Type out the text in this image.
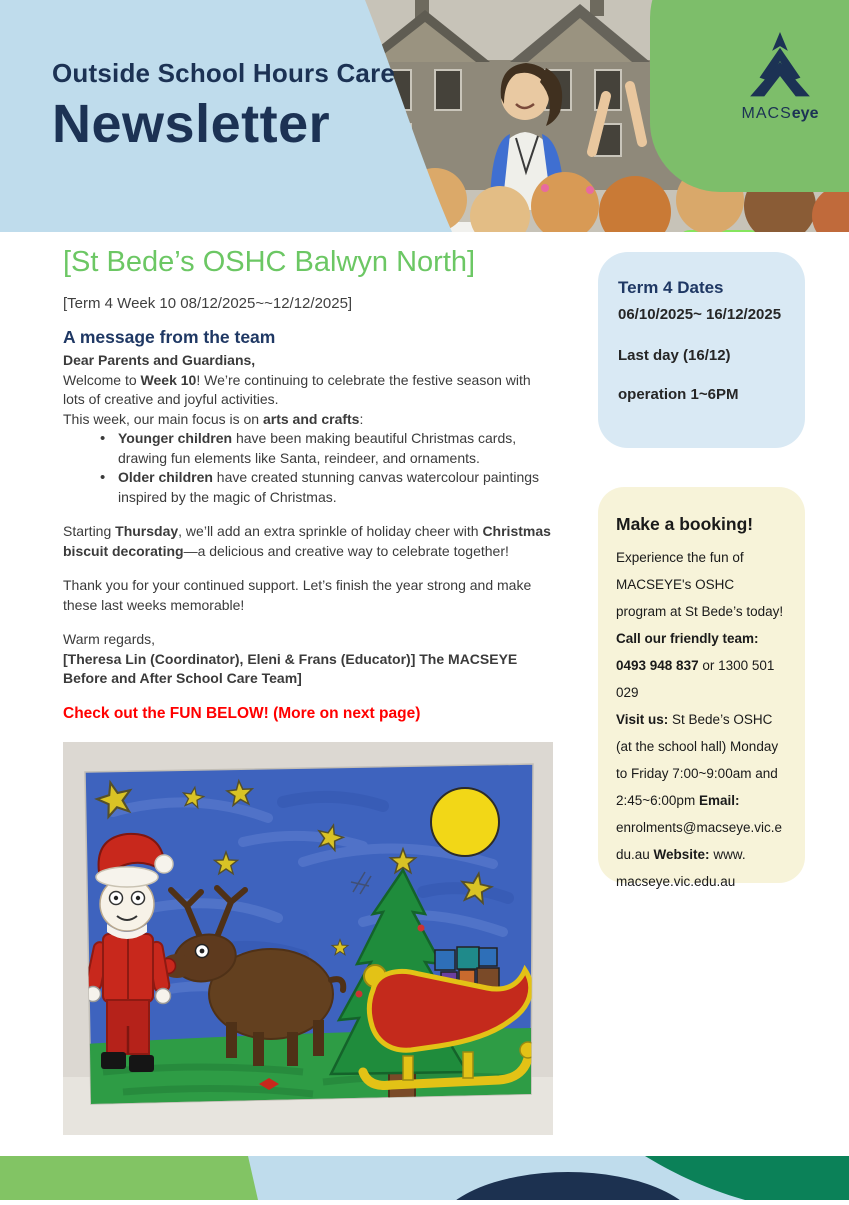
Outside School Hours Care
Newsletter	MACSeye
[St Bede’s OSHC Balwyn North]
[Term 4 Week 10 08/12/2025~~12/12/2025]
A message from the team

Dear Parents and Guardians,

Welcome to Week 10! We’re continuing to celebrate the festive season with lots of creative and joyful activities.

This week, our main focus is on arts and crafts:

• Younger children have been making beautiful Christmas cards, drawing fun elements like Santa, reindeer, and ornaments.
• Older children have created stunning canvas watercolour paintings inspired by the magic of Christmas.

Starting Thursday, we’ll add an extra sprinkle of holiday cheer with Christmas biscuit decorating—a delicious and creative way to celebrate together!

Thank you for your continued support. Let’s finish the year strong and make these last weeks memorable!

Warm regards,

[Theresa Lin (Coordinator), Eleni & Frans (Educator)] The MACSEYE Before and After School Care Team]

Check out the FUN BELOW! (More on next page)

Term 4 Dates

06/10/2025~ 16/12/2025

Last day (16/12)

operation 1~6PM

Make a booking!

Experience the fun of MACSEYE's OSHC program at St Bede’s today!

Call our friendly team: 0493 948 837 or 1300 501 029

Visit us: St Bede’s OSHC (at the school hall) Monday to Friday 7:00~9:00am and 2:45~6:00pm Email: enrolments@macseye.vic.edu.au Website: www. macseye.vic.edu.au
